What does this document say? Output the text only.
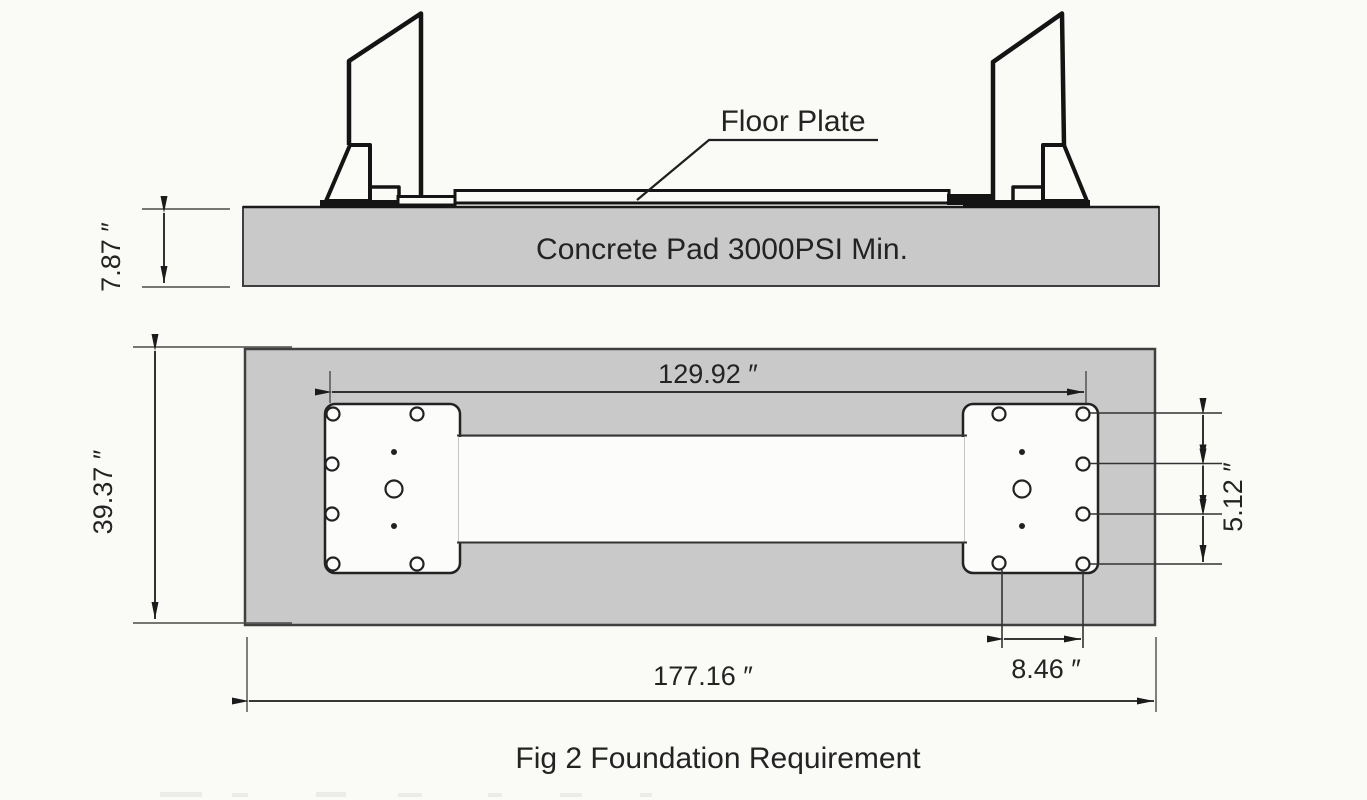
Concrete Pad 3000PSI Min.
Floor Plate
7.87 ″
129.92 ″
39.37 ″	5.12 ″
8.46 ″
177.16 ″
Fig 2 Foundation Requirement
